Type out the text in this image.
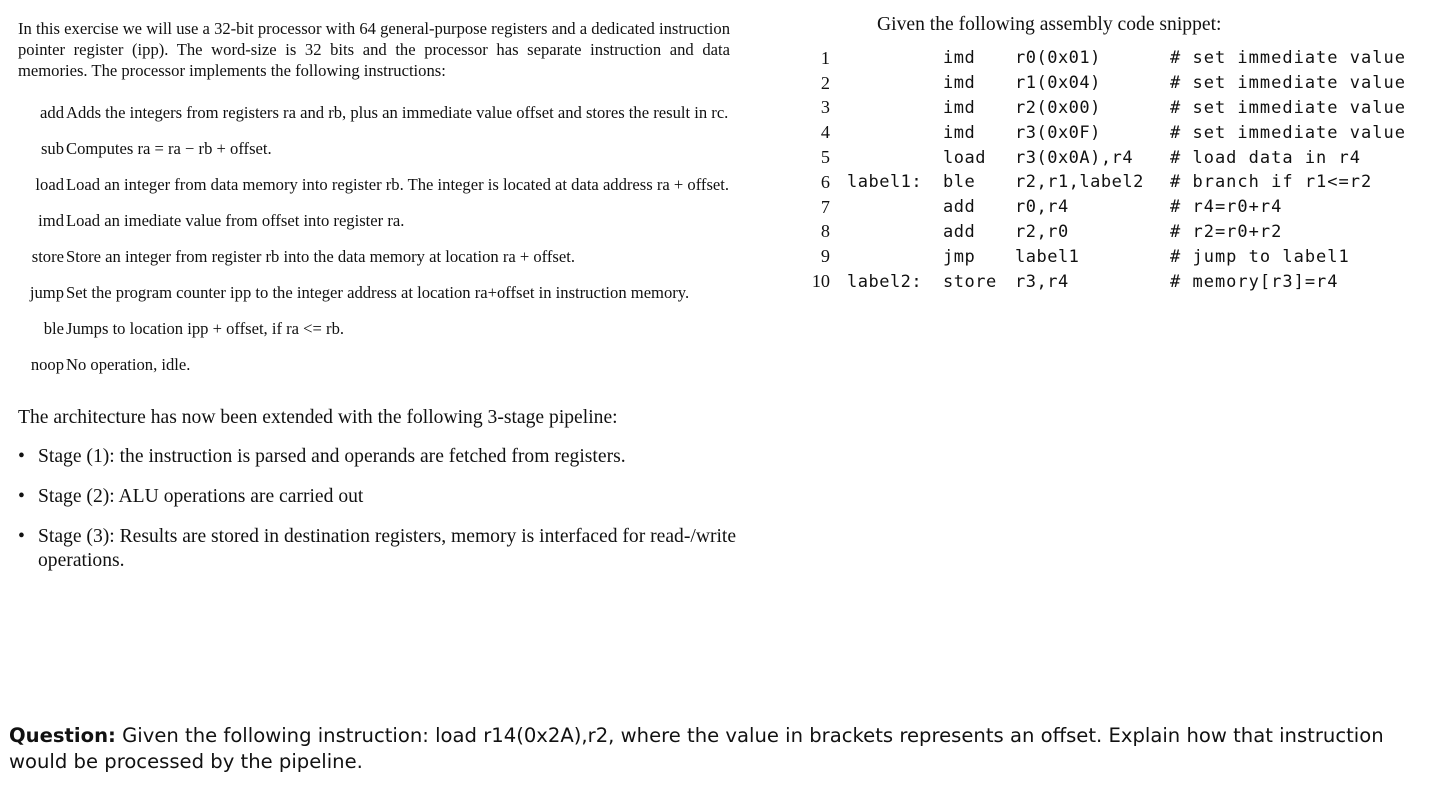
In this exercise we will use a 32-bit processor with 64 general-purpose registers and a dedicated instruction pointer register (ipp). The word-size is 32 bits and the processor has separate instruction and data memories. The processor implements the following instructions:

add Adds the integers from registers ra and rb, plus an immediate value offset and stores the result in rc.
sub Computes ra = ra − rb + offset.
load Load an integer from data memory into register rb. The integer is located at data address ra + offset.
imd Load an imediate value from offset into register ra.
store Store an integer from register rb into the data memory at location ra + offset.
jump Set the program counter ipp to the integer address at location ra+offset in instruction memory.
ble Jumps to location ipp + offset, if ra <= rb.
noop No operation, idle.

The architecture has now been extended with the following 3-stage pipeline:

• Stage (1): the instruction is parsed and operands are fetched from registers.
• Stage (2): ALU operations are carried out
• Stage (3): Results are stored in destination registers, memory is interfaced for read-/write operations.

Given the following assembly code snippet:

1		imd	r0(0x01)	# set immediate value
2		imd	r1(0x04)	# set immediate value
3		imd	r2(0x00)	# set immediate value
4		imd	r3(0x0F)	# set immediate value
5		load	r3(0x0A),r4	# load data in r4
6	label1:	ble	r2,r1,label2	# branch if r1<=r2
7		add	r0,r4	# r4=r0+r4
8		add	r2,r0	# r2=r0+r2
9		jmp	label1	# jump to label1
10	label2:	store	r3,r4	# memory[r3]=r4

Question: Given the following instruction: load r14(0x2A),r2, where the value in brackets represents an offset. Explain how that instruction would be processed by the pipeline.
